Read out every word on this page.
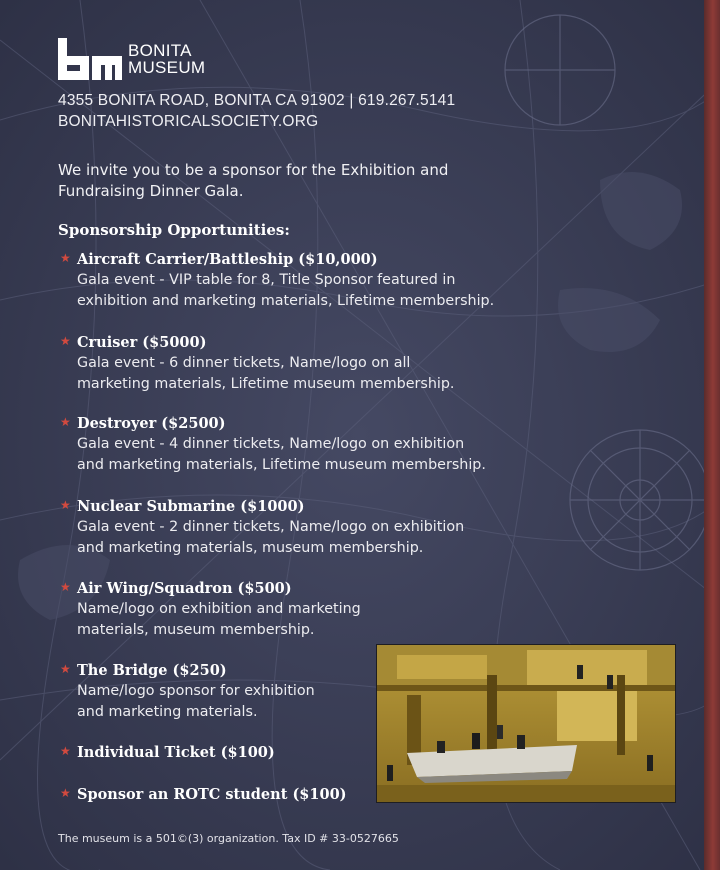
BONITA
MUSEUM
4355 BONITA ROAD, BONITA CA 91902 | 619.267.5141
BONITAHISTORICALSOCIETY.ORG
We invite you to be a sponsor for the Exhibition and
Fundraising Dinner Gala.
Sponsorship Opportunities:
★ Aircraft Carrier/Battleship ($10,000)
Gala event - VIP table for 8, Title Sponsor featured in
exhibition and marketing materials, Lifetime membership.
★ Cruiser ($5000)
Gala event - 6 dinner tickets, Name/logo on all
marketing materials, Lifetime museum membership.
★ Destroyer ($2500)
Gala event - 4 dinner tickets, Name/logo on exhibition
and marketing materials, Lifetime museum membership.
★ Nuclear Submarine ($1000)
Gala event - 2 dinner tickets, Name/logo on exhibition
and marketing materials, museum membership.
★ Air Wing/Squadron ($500)
Name/logo on exhibition and marketing
materials, museum membership.
★ The Bridge ($250)
Name/logo sponsor for exhibition
and marketing materials.
★ Individual Ticket ($100)
★ Sponsor an ROTC student ($100)
The museum is a 501©(3) organization. Tax ID # 33-0527665
